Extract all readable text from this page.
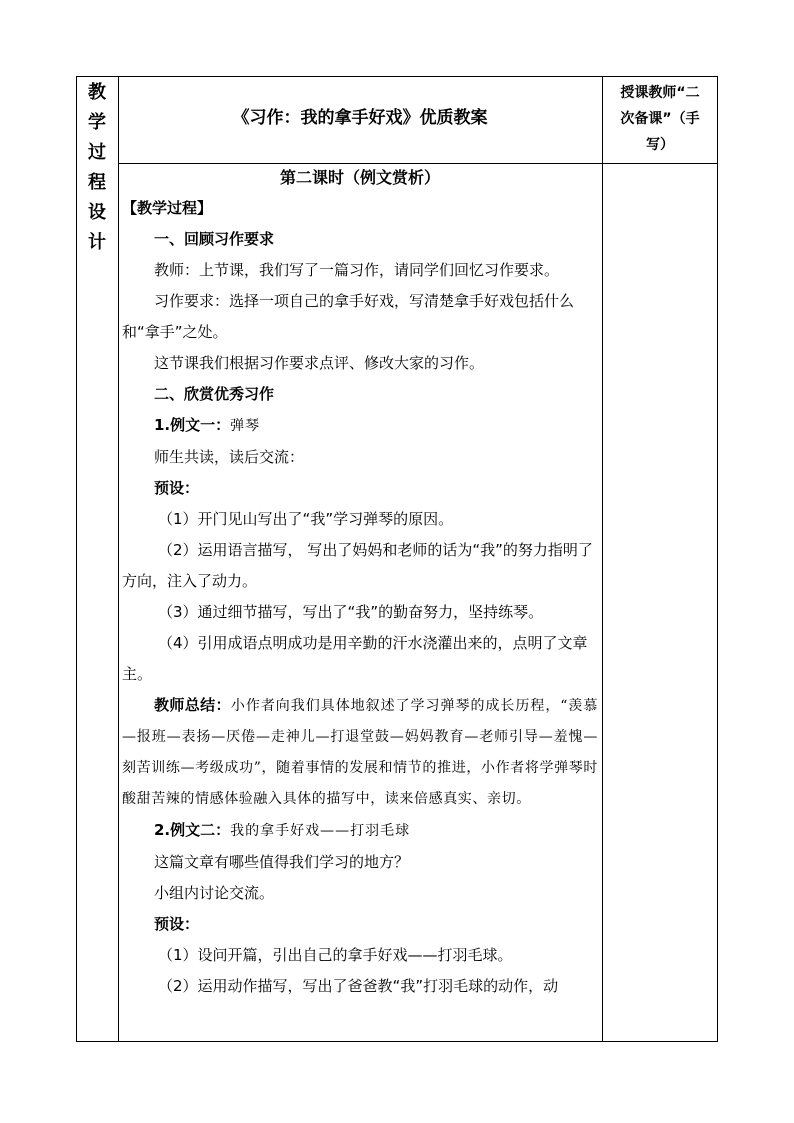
教
学
过
程
设
计
《习作：我的拿手好戏》优质教案
授课教师“二
次备课”（手
写）

第二课时（例文赏析）

【教学过程】

一、回顾习作要求

教师：上节课，我们写了一篇习作，请同学们回忆习作要求。

习作要求：选择一项自己的拿手好戏，写清楚拿手好戏包括什么和“拿手”之处。

这节课我们根据习作要求点评、修改大家的习作。

二、欣赏优秀习作

1.例文一：弹琴

师生共读，读后交流：

预设：

（1）开门见山写出了“我”学习弹琴的原因。

（2）运用语言描写， 写出了妈妈和老师的话为“我”的努力指明了方向，注入了动力。

（3）通过细节描写，写出了“我”的勤奋努力，坚持练琴。

（4）引用成语点明成功是用辛勤的汗水浇灌出来的，点明了文章主。

教师总结：小作者向我们具体地叙述了学习弹琴的成长历程，“羡慕—报班—表扬—厌倦—走神儿—打退堂鼓—妈妈教育—老师引导—羞愧—刻苦训练—考级成功”，随着事情的发展和情节的推进，小作者将学弹琴时酸甜苦辣的情感体验融入具体的描写中，读来倍感真实、亲切。

2.例文二：我的拿手好戏——打羽毛球

这篇文章有哪些值得我们学习的地方？

小组内讨论交流。

预设：

（1）设问开篇，引出自己的拿手好戏——打羽毛球。

（2）运用动作描写，写出了爸爸教“我”打羽毛球的动作，动
